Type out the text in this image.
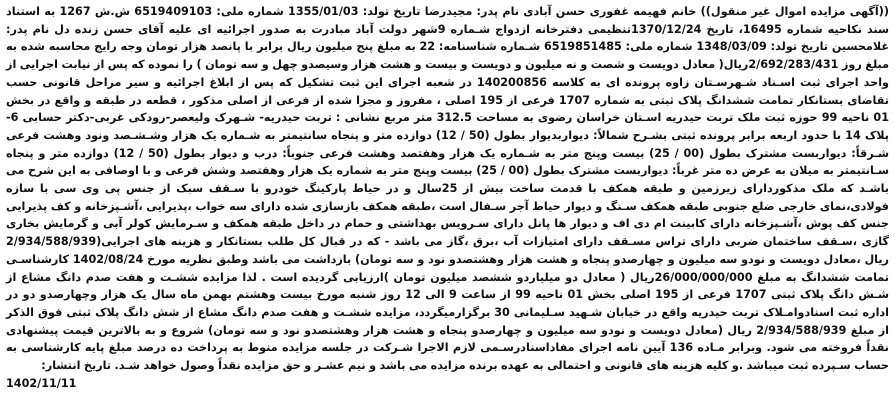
((آگهی مزایده اموال غیر منقول)) خانم فهیمه غفوری حسن آبادی نام پدر: مجیدرضا تاریخ تولد: 1355/01/03 شماره ملی: 6519409103 ش.ش 1267 به استناد سند نکاحیه شماره 16495، تاریخ 1370/12/24تنظیمی دفترخانه ازدواج شـماره 9شهر دولت آباد مبادرت به صدور اجرائیه ای علیه آقای حسن زنده دل نام پدر: غلامحسین تاریخ تولد: 1348/03/09 شماره ملی: 6519851485 شـماره شناسنامه: 22 به مبلغ پنج میلیون ریال برابر با پانصد هزار تومان وجه رایج محاسبه شده به مبلغ روز 2/692/283/431ریال( معادل دویست و شصت و نه میلیون و دویست و بیست و هشت هزار وسیصدو چهل و سه تومان ) را نموده که پس از نیابت اجرایی از واحد اجرای ثبت اسـناد شـهرسـتان زاوه پرونده ای به کلاسه 140200856 در شعبه اجرای این ثبت تشکیل که پس از ابلاغ اجرائیه و سیر مراحل قانونی حسب تقاضای بستانکار تمامت ششدانگ پلاک ثبتی به شماره 1707 فرعی از 195 اصلی ، مفروز و مجزا شده از فرعی از اصلی مذکور ، قطعه در طبقه و واقع در بخش 01 ناحیه 99 حوزه ثبت ملک تربت حیدریه اسـتان خراسان رضوی به مساحت 312.5 متر مربع نشانی : تربت حیدریه- شـهرک ولیعصر-رودکی غربی-دکتر حسابی 6-پلاک 14 با حدود اربعه برابر پرونده ثبتی بشـرح شمالاً: دیواربدیوار بطول (50 / 12) دوازده متر و پنجاه سانتیمتر به شـماره یک هزار وشـشـصد ونود وهشت فرعی شـرقاً: دیواربست مشترک بطول (00 / 25) بیست وپنج متر به شـماره یک هزار وهفتصد وهشت فرعی جنوباً: درب و دیوار بطول (50 / 12) دوازده متر و پنجاه سـانتیمتر به میلان به عرض ده متر غرباً: دیواربست مشترک بطول (00 / 25) بیست وپنج متر به شماره یک هزار وهفتصد وشش فرعی و با اوصافی به این شرح می باشـد که ملک مذکوردارای زیرزمین و طبقه همکف با قدمت ساخت بیش از 25سال و در حیاط پارکینگ خودرو با سـقف سبک از جنس پی وی سی با سازه فولادی،نمای خارجی ضلع جنوبی طبقه همکف سـنگ و دیوار حیاط آجر سـفال است ،طبقه همکف بازسازی شده دارای سه خواب ،پذیرایی ،آشـپزخانه و کف پذیرایی جنس کف پوش ،آشـپزخانه دارای کابینت ام دی اف و دیوار ها پانل دارای سـرویس بهداشتی و حمام در داخل طبقه همکف و سـرمایش کولر آبی و گرمایش بخاری گازی ،سـقف ساختمان ضربی دارای تراس مسـقف دارای امتیازات آب ،برق ،گاز می باشد - که در قبال کل طلب بستانکار و هزینه های اجرایی(2/934/588/939 ریال ،معادل دویست و نودو سه میلیون و چهارصدو پنجاه و هشت هزار وهشتصدو نود و سه تومان) بازداشت می باشد وطبق نظریه مورخ 1402/08/24 کارشناسـی تمامت ششدانگ به مبلغ 26/000/000/000ریال ( معادل دو میلیاردو ششصد میلیون تومان )ارزیابی گردیده است . لذا مزایده ششـت و هفت صدم دانگ مشاع از شـش دانگ پلاک ثبتی 1707 فرعی از 195 اصلی بخش 01 ناحیه 99 از ساعت 9 الی 12 روز شنبه مورخ بیست وهشتم بهمن ماه سال یک هزار وچهارصدو دو در اداره ثبت اسنادوامـلاک تربت حیدریه واقع در خیابان شـهید سـلیمانی 30 برگزارمیگردد، مزایده ششـت و هفت صدم دانگ مشاع از شش دانگ پلاک ثبتی فوق الذکر از مبلغ 2/934/588/939 ریال (معادل دویست و نودو سه میلیون و چهارصدو پنجاه و هشت هزار وهشتصدو نود و سه تومان) شروع و به بالاترین قیمت پیشنهادی نقداً فروخته می شود. وبرابر مـاده 136 آیین نامه اجرای مفاداسنادرسـمی لازم الاجرا شـرکت در جلسه مزایده منوط به پرداخت ده درصد مبلغ پایه کارشناسی به حساب سـپرده ثبت میباشد .و کلیه هزینه های قانونی و احتمالی به عهده برنده مزایده می باشد و نیم عشـر و حق مزایده نقداً وصول خواهد شـد. تاریخ انتشار:
1402/11/11
